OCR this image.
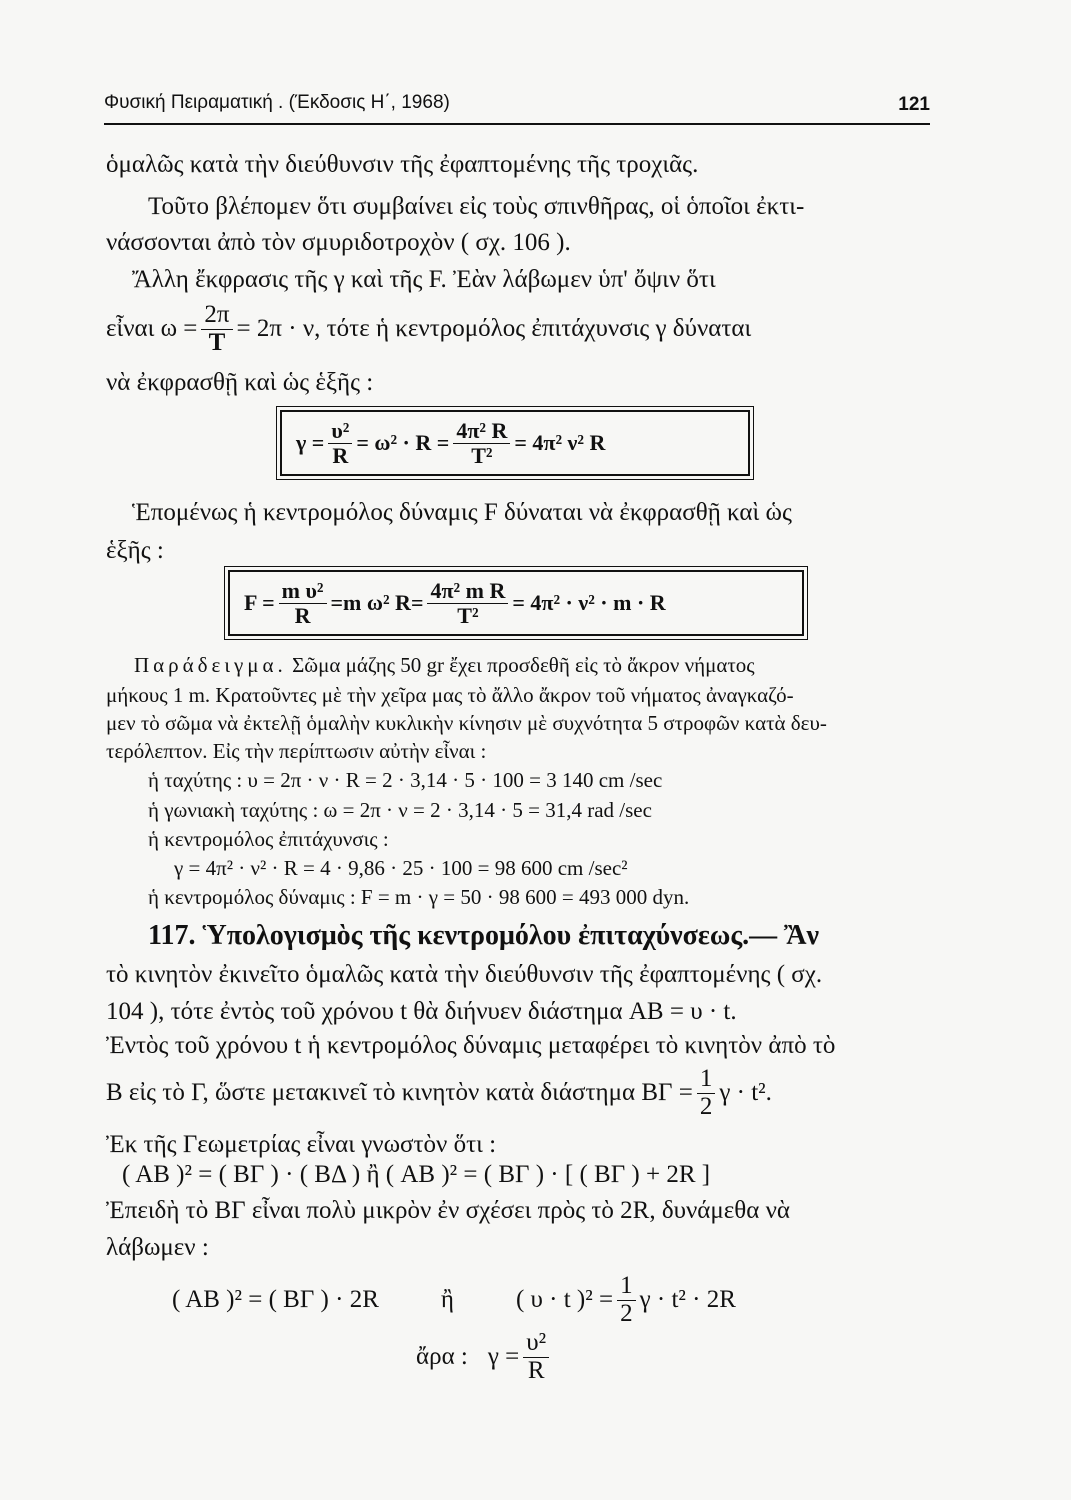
Φυσική Πειραματική . (Έκδοσις Η΄, 1968)	121
ὁμαλῶς κατὰ τὴν διεύθυνσιν τῆς ἐφαπτομένης τῆς τροχιᾶς.
Τοῦτο βλέπομεν ὅτι συμβαίνει εἰς τοὺς σπινθῆρας, οἱ ὁποῖοι ἐκτι-
νάσσονται ἀπὸ τὸν σμυριδοτροχὸν ( σχ. 106 ).
Ἄλλη ἔκφρασις τῆς γ καὶ τῆς F. Ἐὰν λάβωμεν ὑπ' ὄψιν ὅτι
εἶναι $\omega = \frac{2\pi}{T} = 2\pi \cdot \nu$, τότε ἡ κεντρομόλος ἐπιτάχυνσις γ δύναται
νὰ ἐκφρασθῇ καὶ ὡς ἑξῆς :
$\gamma = \frac{\text{υ²}}{R} = \omega^2 \cdot R = \frac{\text{4π² R}}{\text{T²}} = 4\pi^2$ ν² R
Ἑπομένως ἡ κεντρομόλος δύναμις F δύναται νὰ ἐκφρασθῇ καὶ ὡς
ἑξῆς :
$F = \frac{\text{m υ²}}{R} =m$ ω² $R= \frac{\text{4π² m R}}{\text{T²}} = 4\pi^2 \cdot \nu^2 \cdot m \cdot R$
Παράδειγμα. Σῶμα μάζης 50 gr ἔχει προσδεθῆ εἰς τὸ ἄκρον νήματος
μήκους 1 m. Κρατοῦντες μὲ τὴν χεῖρα μας τὸ ἄλλο ἄκρον τοῦ νήματος ἀναγκαζό-
μεν τὸ σῶμα νὰ ἐκτελῇ ὁμαλὴν κυκλικὴν κίνησιν μὲ συχνότητα 5 στροφῶν κατὰ δευ-
τερόλεπτον. Εἰς τὴν περίπτωσιν αὐτὴν εἶναι :
ἡ ταχύτης : υ = 2π · ν · R = 2 · 3,14 · 5 · 100 = 3 140 cm /sec
ἡ γωνιακὴ ταχύτης : ω = 2π · ν = 2 · 3,14 · 5 = 31,4 rad /sec
ἡ κεντρομόλος ἐπιτάχυνσις :
γ = 4π² · ν² · R = 4 · 9,86 · 25 · 100 = 98 600 cm /sec²
ἡ κεντρομόλος δύναμις : F = m · γ = 50 · 98 600 = 493 000 dyn.
117. Ὑπολογισμὸς τῆς κεντρομόλου ἐπιταχύνσεως.— Ἂν
τὸ κινητὸν ἐκινεῖτο ὁμαλῶς κατὰ τὴν διεύθυνσιν τῆς ἐφαπτομένης ( σχ.
104 ), τότε ἐντὸς τοῦ χρόνου t θὰ διήνυεν διάστημα AB = υ · t.
Ἐντὸς τοῦ χρόνου t ἡ κεντρομόλος δύναμις μεταφέρει τὸ κινητὸν ἀπὸ τὸ
B εἰς τὸ Γ, ὥστε μετακινεῖ τὸ κινητὸν κατὰ διάστημα $B\Gamma = \frac{1}{2}$ γ · t².
Ἐκ τῆς Γεωμετρίας εἶναι γνωστὸν ὅτι :
( AB )² = ( ΒΓ ) · ( ΒΔ ) ἢ ( AB )² = ( ΒΓ ) · [ ( ΒΓ ) + 2R ]
Ἐπειδὴ τὸ ΒΓ εἶναι πολὺ μικρὸν ἐν σχέσει πρὸς τὸ 2R, δυνάμεθα νὰ
λάβωμεν :
( AB )² = ( ΒΓ ) · 2R ἢ ( υ · t )$^2 = \frac{1}{2}$ γ · t² · 2R
ἄρα : $\gamma = \frac{\text{υ²}}{R}$
